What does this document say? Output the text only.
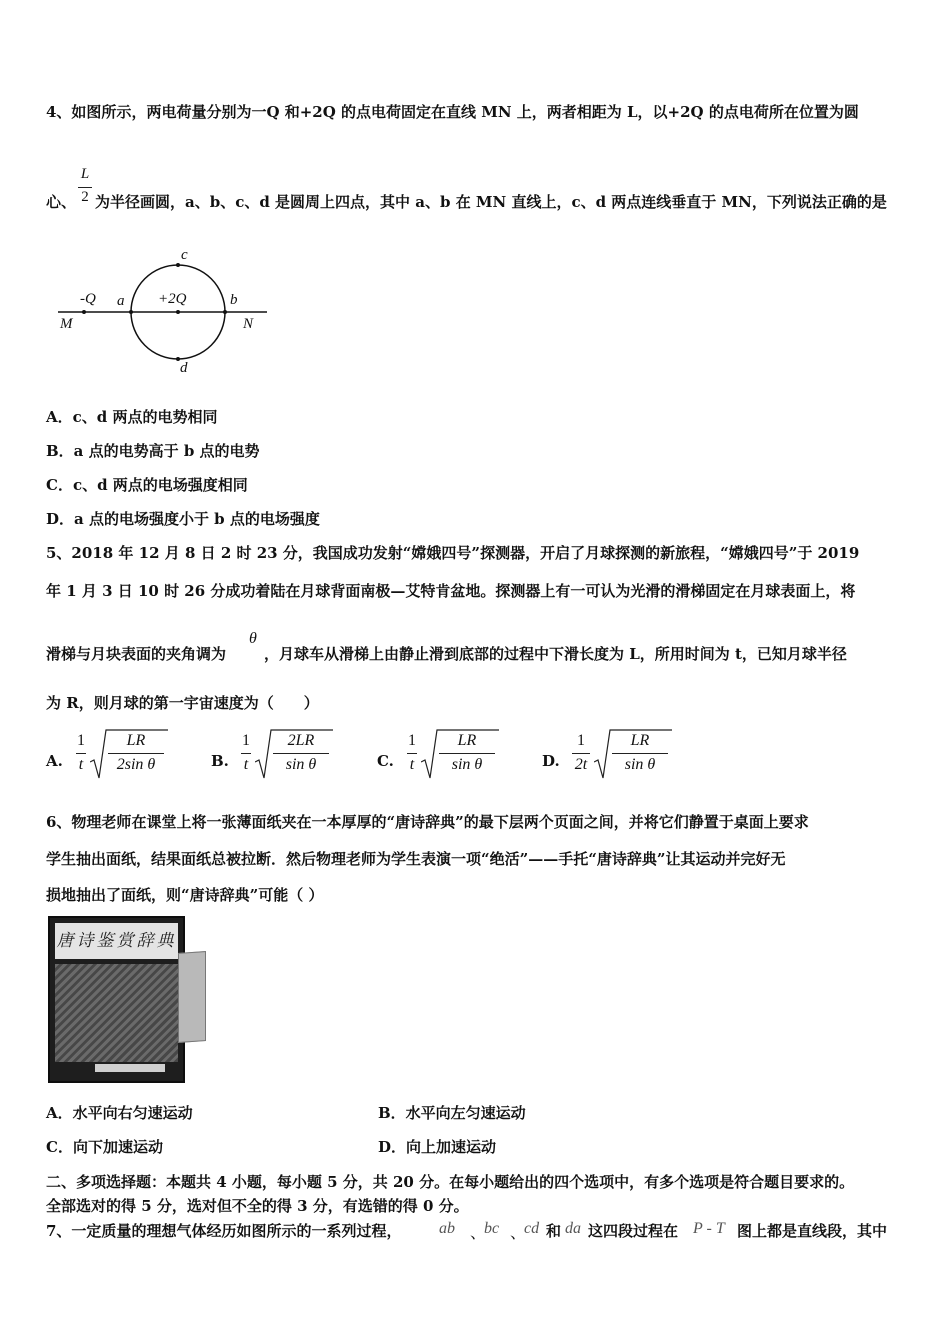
4、如图所示，两电荷量分别为一Q 和+2Q 的点电荷固定在直线 MN 上，两者相距为 L，以+2Q 的点电荷所在位置为圆
心、
L
2 为半径画圆，a、b、c、d 是圆周上四点，其中 a、b 在 MN 直线上，c、d 两点连线垂直于 MN，下列说法正确的是
c
d
a	b
-Q	+2Q
M	N
A．c、d 两点的电势相同
B．a 点的电势高于 b 点的电势
C．c、d 两点的电场强度相同
D．a 点的电场强度小于 b 点的电场强度
5、2018 年 12 月 8 日 2 时 23 分，我国成功发射“嫦娥四号”探测器，开启了月球探测的新旅程，“嫦娥四号”于 2019
年 1 月 3 日 10 时 26 分成功着陆在月球背面南极—艾特肯盆地。探测器上有一可认为光滑的滑梯固定在月球表面上，将
滑梯与月块表面的夹角调为
θ
，月球车从滑梯上由静止滑到底部的过程中下滑长度为 L，所用时间为 t，已知月球半径
为 R，则月球的第一宇宙速度为（　　）
A.
1
t
LR
2sin θ	B.
1
t
2LR
sin θ	C.
1
t
LR
sin θ	D.
1
2t
LR
sin θ
6、物理老师在课堂上将一张薄面纸夹在一本厚厚的“唐诗辞典”的最下层两个页面之间，并将它们静置于桌面上要求
学生抽出面纸，结果面纸总被拉断．然后物理老师为学生表演一项“绝活”——手托“唐诗辞典”让其运动并完好无
损地抽出了面纸，则“唐诗辞典”可能（ ）
唐诗鉴赏辞典
A．水平向右匀速运动	B．水平向左匀速运动
C．向下加速运动	D．向上加速运动
二、多项选择题：本题共 4 小题，每小题 5 分，共 20 分。在每小题给出的四个选项中，有多个选项是符合题目要求的。
全部选对的得 5 分，选对但不全的得 3 分，有选错的得 0 分。
7、一定质量的理想气体经历如图所示的一系列过程， ab 、
bc 、
cd 和 da 这四段过程在 P - T 图上都是直线段，其中
